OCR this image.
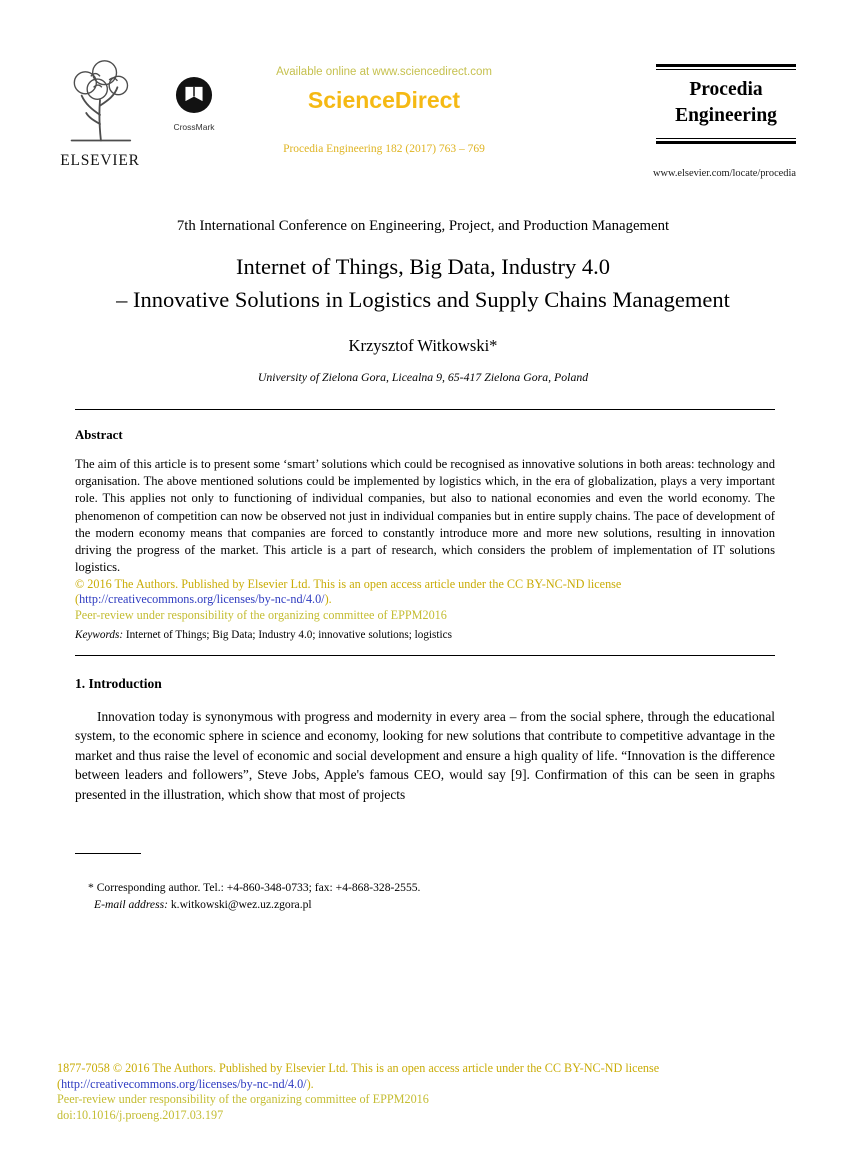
ELSEVIER
CrossMark
Available online at www.sciencedirect.com
ScienceDirect
Procedia Engineering 182 (2017) 763 – 769
Procedia
Engineering
www.elsevier.com/locate/procedia
7th International Conference on Engineering, Project, and Production Management
Internet of Things, Big Data, Industry 4.0
– Innovative Solutions in Logistics and Supply Chains Management
Krzysztof Witkowski*
University of Zielona Gora, Licealna 9, 65-417 Zielona Gora, Poland
Abstract
The aim of this article is to present some ‘smart’ solutions which could be recognised as innovative solutions in both areas: technology and organisation. The above mentioned solutions could be implemented by logistics which, in the era of globalization, plays a very important role. This applies not only to functioning of individual companies, but also to national economies and even the world economy. The phenomenon of competition can now be observed not just in individual companies but in entire supply chains. The pace of development of the modern economy means that companies are forced to constantly introduce more and more new solutions, resulting in innovation driving the progress of the market. This article is a part of research, which considers the problem of implementation of IT solutions logistics.
© 2016 The Authors. Published by Elsevier Ltd. This is an open access article under the CC BY-NC-ND license
(http://creativecommons.org/licenses/by-nc-nd/4.0/).
Peer-review under responsibility of the organizing committee of EPPM2016
Keywords: Internet of Things; Big Data; Industry 4.0; innovative solutions; logistics
1. Introduction
Innovation today is synonymous with progress and modernity in every area – from the social sphere, through the educational system, to the economic sphere in science and economy, looking for new solutions that contribute to competitive advantage in the market and thus raise the level of economic and social development and ensure a high quality of life. “Innovation is the difference between leaders and followers”, Steve Jobs, Apple's famous CEO, would say [9]. Confirmation of this can be seen in graphs presented in the illustration, which show that most of projects
* Corresponding author. Tel.: +4-860-348-0733; fax: +4-868-328-2555.
E-mail address: k.witkowski@wez.uz.zgora.pl
1877-7058 © 2016 The Authors. Published by Elsevier Ltd. This is an open access article under the CC BY-NC-ND license
(http://creativecommons.org/licenses/by-nc-nd/4.0/).
Peer-review under responsibility of the organizing committee of EPPM2016
doi:10.1016/j.proeng.2017.03.197
